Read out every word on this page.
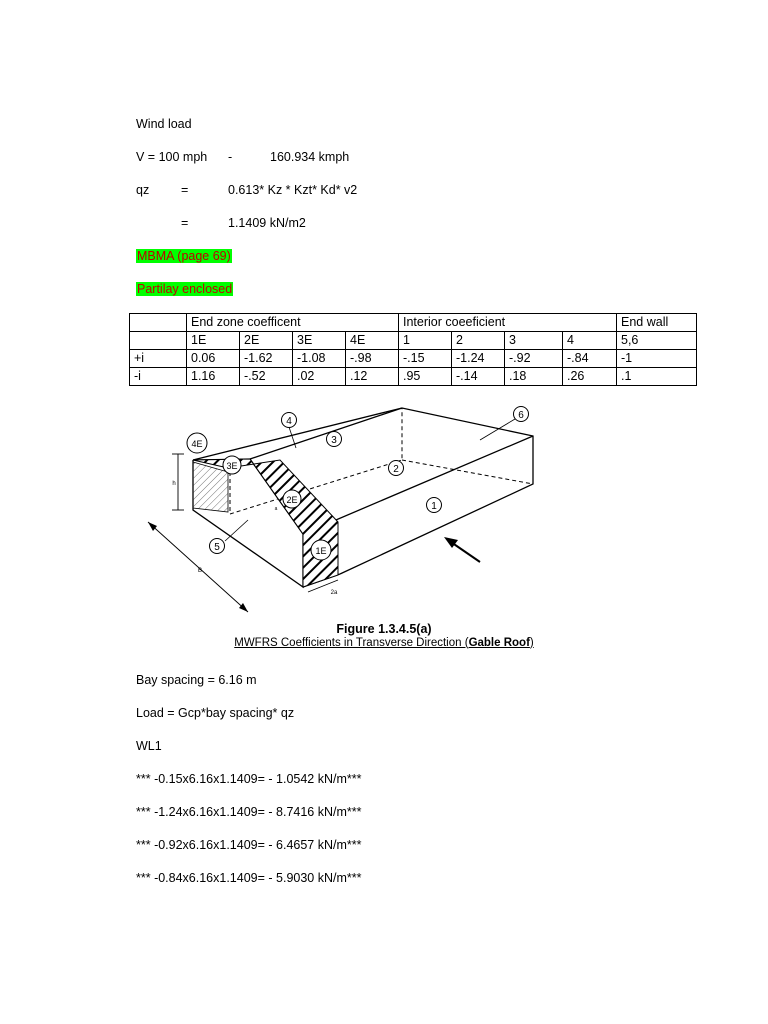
Wind load
V = 100 mph -	160.934 kmph
qz	=	0.613* Kz * Kzt* Kd* v2
=	1.1409 kN/m2
MBMA (page 69)
Partilay enclosed
	End zone coefficent				Interior coeeficient				End wall
	1E	2E	3E	4E	1	2	3	4	5,6
+i	0.06	-1.62	-1.08	-.98	-.15	-1.24	-.92	-.84	-1
-i	1.16	-.52	.02	.12	.95	-.14	.18	.26	.1
4E
3E
2E
1E
4
3
2
1
5
6
h
B
2a
a
Figure 1.3.4.5(a)
MWFRS Coefficients in Transverse Direction (Gable Roof)
Bay spacing = 6.16 m
Load = Gcp*bay spacing* qz
WL1
*** -0.15x6.16x1.1409= - 1.0542 kN/m***
*** -1.24x6.16x1.1409= - 8.7416 kN/m***
*** -0.92x6.16x1.1409= - 6.4657 kN/m***
*** -0.84x6.16x1.1409= - 5.9030 kN/m***
